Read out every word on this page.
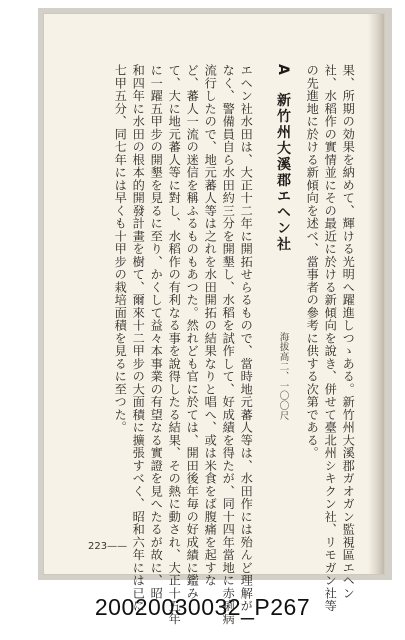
果、所期の効果を納めて、輝ける光明へ躍進しつゝある。新竹州大溪郡ガオガン監視區エヘン
社、水稻作の實情並にその最近に於ける新傾向を說き、併せて臺北州シキクン社、リモガン社等
の先進地に於ける新傾向を述べ、當事者の參考に供する次第である。
A　新竹州大溪郡エヘン社
海拔高二、一〇〇尺
エヘン社水田は、大正十二年に開拓せらるもので、當時地元蕃人等は、水田作には殆んど理解が
なく、警備員自ら水田約三分を開墾し、水稻を試作して、好成績を得たが、同十四年當地に赤痢病
流行したので、地元蕃人等は之れを水田開拓の結果なりと唱へ、或は米食をば腹痛を起すな
ど、蕃人一流の迷信を稱ふるものもあつた。然れども官に於ては、開田後年毎の好成績に鑑み
て、大に地元蕃人等に對し、水稻作の有利なる事を說得したる結果、その熱に動され、大正十五年
に一躍五甲步の開墾を見るに至り、かくして益々本事業の有望なる實證を見へたるが故に、昭
和四年に水田の根本的開發計畫を樹て、爾來十二甲步の大面積に擴張すべく、昭和六年には已に
七甲五分、同七年には早くも十甲步の栽培面積を見るに至つた。
223——
20020030032_P267
